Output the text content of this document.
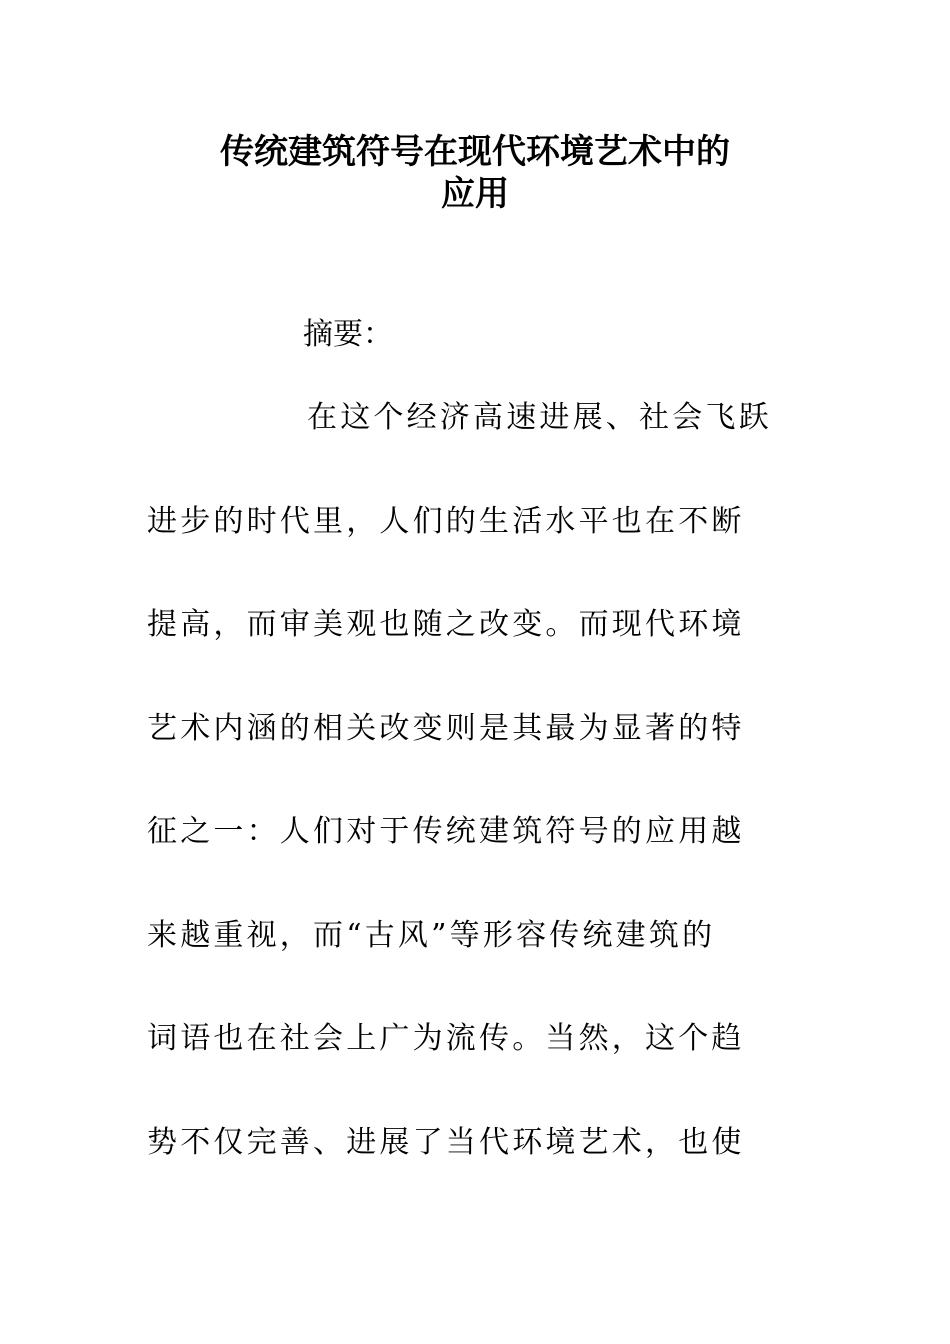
传统建筑符号在现代环境艺术中的
应用

摘要：

在这个经济高速进展、社会飞跃
进步的时代里，人们的生活水平也在不断
提高，而审美观也随之改变。而现代环境
艺术内涵的相关改变则是其最为显著的特
征之一：人们对于传统建筑符号的应用越
来越重视，而“古风”等形容传统建筑的
词语也在社会上广为流传。当然，这个趋
势不仅完善、进展了当代环境艺术，也使
